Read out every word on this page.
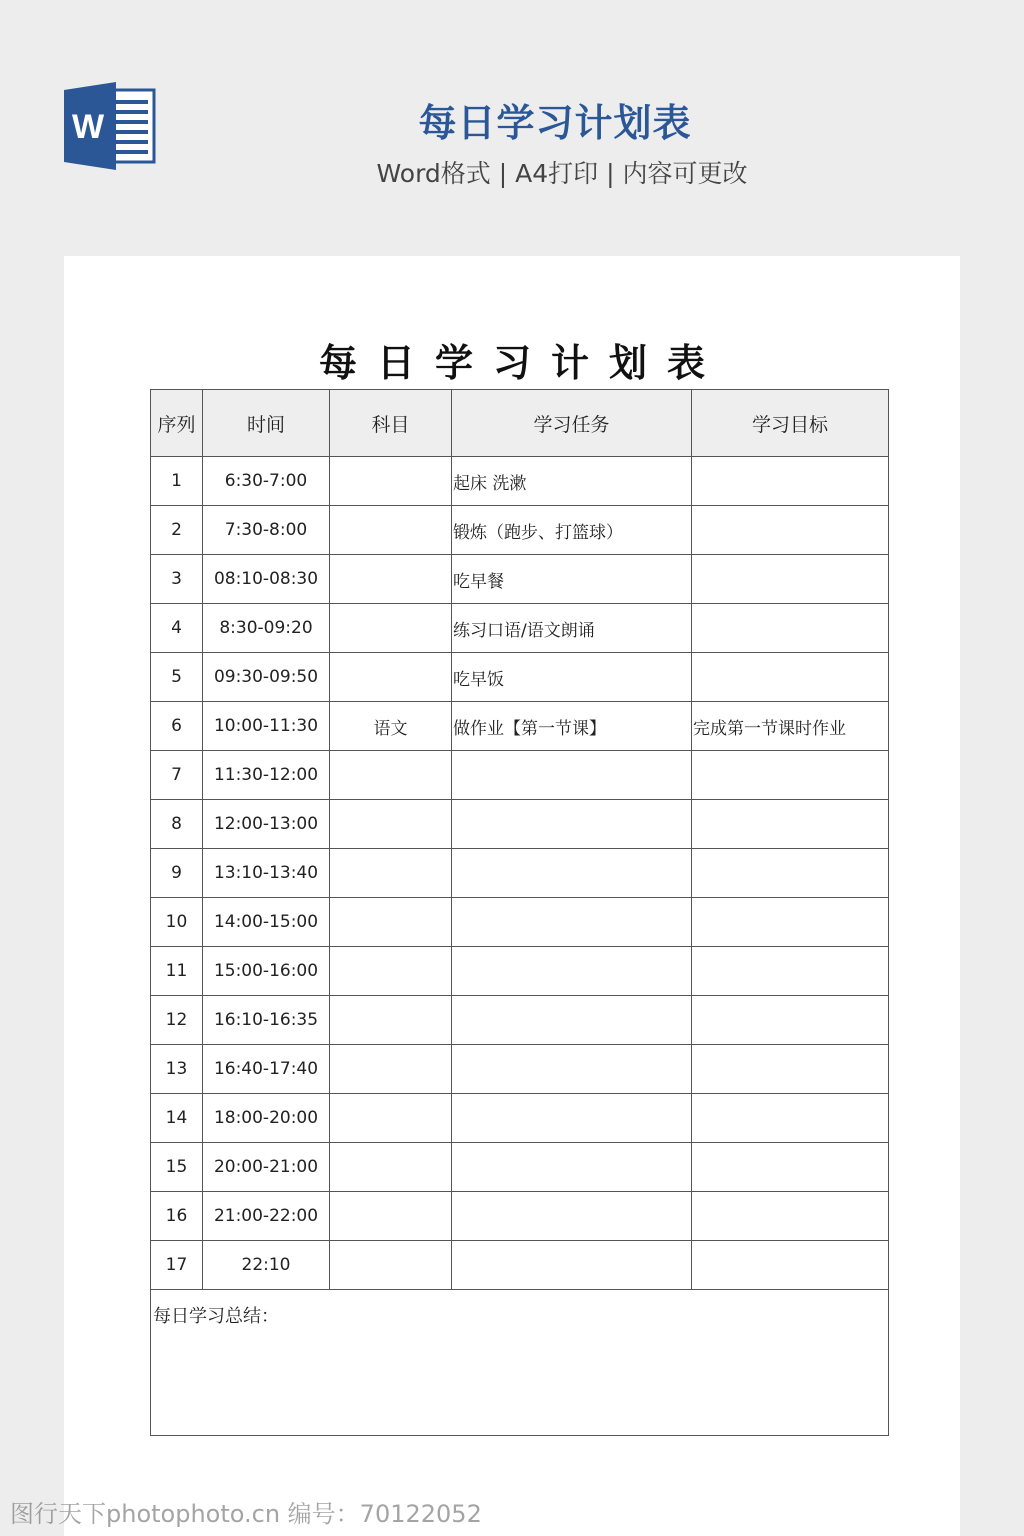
W	每日学习计划表
Word格式 | A4打印 | 内容可更改
每日学习计划表
序列	时间	科目	学习任务	学习目标
1	6:30-7:00		起床 洗漱	
2	7:30-8:00		锻炼（跑步、打篮球）	
3	08:10-08:30		吃早餐	
4	8:30-09:20		练习口语/语文朗诵	
5	09:30-09:50		吃早饭	
6	10:00-11:30	语文	做作业【第一节课】	完成第一节课时作业
7	11:30-12:00			
8	12:00-13:00			
9	13:10-13:40			
10	14:00-15:00			
11	15:00-16:00			
12	16:10-16:35			
13	16:40-17:40			
14	18:00-20:00			
15	20:00-21:00			
16	21:00-22:00			
17	22:10			
每日学习总结：				
图行天下photophoto.cn 编号：70122052
